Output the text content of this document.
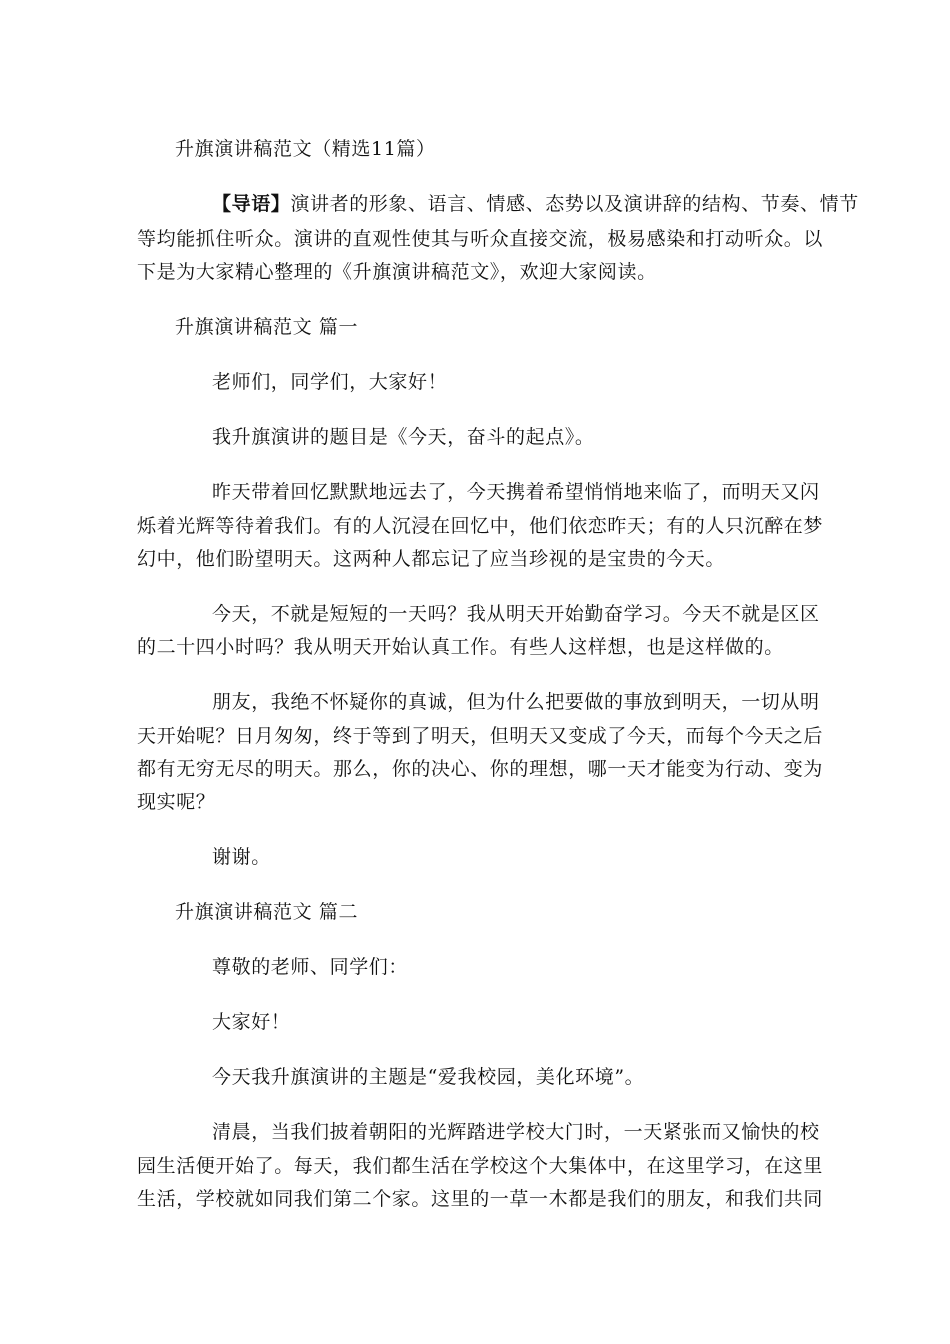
升旗演讲稿范文（精选11篇）
【导语】演讲者的形象、语言、情感、态势以及演讲辞的结构、节奏、情节
等均能抓住听众。演讲的直观性使其与听众直接交流，极易感染和打动听众。以
下是为大家精心整理的《升旗演讲稿范文》，欢迎大家阅读。
升旗演讲稿范文 篇一
老师们，同学们，大家好！
我升旗演讲的题目是《今天，奋斗的起点》。
昨天带着回忆默默地远去了，今天携着希望悄悄地来临了，而明天又闪
烁着光辉等待着我们。有的人沉浸在回忆中，他们依恋昨天；有的人只沉醉在梦
幻中，他们盼望明天。这两种人都忘记了应当珍视的是宝贵的今天。
今天，不就是短短的一天吗？我从明天开始勤奋学习。今天不就是区区
的二十四小时吗？我从明天开始认真工作。有些人这样想，也是这样做的。
朋友，我绝不怀疑你的真诚，但为什么把要做的事放到明天，一切从明
天开始呢？日月匆匆，终于等到了明天，但明天又变成了今天，而每个今天之后
都有无穷无尽的明天。那么，你的决心、你的理想，哪一天才能变为行动、变为
现实呢？
谢谢。
升旗演讲稿范文 篇二
尊敬的老师、同学们：
大家好！
今天我升旗演讲的主题是“爱我校园，美化环境”。
清晨，当我们披着朝阳的光辉踏进学校大门时，一天紧张而又愉快的校
园生活便开始了。每天，我们都生活在学校这个大集体中，在这里学习，在这里
生活，学校就如同我们第二个家。这里的一草一木都是我们的朋友，和我们共同
